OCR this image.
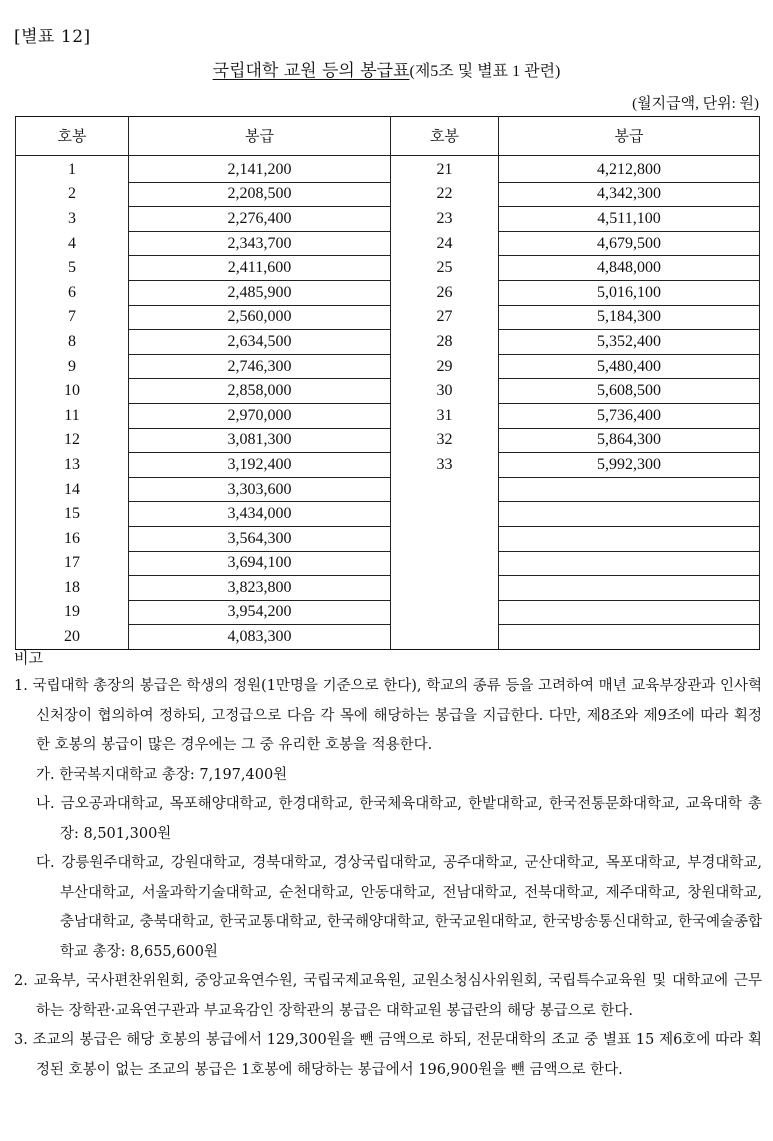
[별표 12]
국립대학 교원 등의 봉급표(제5조 및 별표 1 관련)
(월지급액, 단위: 원)
호봉	봉급	호봉	봉급
1	2,141,200	21	4,212,800
2	2,208,500	22	4,342,300
3	2,276,400	23	4,511,100
4	2,343,700	24	4,679,500
5	2,411,600	25	4,848,000
6	2,485,900	26	5,016,100
7	2,560,000	27	5,184,300
8	2,634,500	28	5,352,400
9	2,746,300	29	5,480,400
10	2,858,000	30	5,608,500
11	2,970,000	31	5,736,400
12	3,081,300	32	5,864,300
13	3,192,400	33	5,992,300
14	3,303,600		
15	3,434,000		
16	3,564,300		
17	3,694,100		
18	3,823,800		
19	3,954,200		
20	4,083,300		
비고
1. 국립대학 총장의 봉급은 학생의 정원(1만명을 기준으로 한다), 학교의 종류 등을 고려하여 매년 교육부장관과 인사혁신처장이 협의하여 정하되, 고정급으로 다음 각 목에 해당하는 봉급을 지급한다. 다만, 제8조와 제9조에 따라 획정한 호봉의 봉급이 많은 경우에는 그 중 유리한 호봉을 적용한다.
가. 한국복지대학교 총장: 7,197,400원
나. 금오공과대학교, 목포해양대학교, 한경대학교, 한국체육대학교, 한밭대학교, 한국전통문화대학교, 교육대학 총장: 8,501,300원
다. 강릉원주대학교, 강원대학교, 경북대학교, 경상국립대학교, 공주대학교, 군산대학교, 목포대학교, 부경대학교, 부산대학교, 서울과학기술대학교, 순천대학교, 안동대학교, 전남대학교, 전북대학교, 제주대학교, 창원대학교, 충남대학교, 충북대학교, 한국교통대학교, 한국해양대학교, 한국교원대학교, 한국방송통신대학교, 한국예술종합학교 총장: 8,655,600원
2. 교육부, 국사편찬위원회, 중앙교육연수원, 국립국제교육원, 교원소청심사위원회, 국립특수교육원 및 대학교에 근무하는 장학관·교육연구관과 부교육감인 장학관의 봉급은 대학교원 봉급란의 해당 봉급으로 한다.
3. 조교의 봉급은 해당 호봉의 봉급에서 129,300원을 뺀 금액으로 하되, 전문대학의 조교 중 별표 15 제6호에 따라 획정된 호봉이 없는 조교의 봉급은 1호봉에 해당하는 봉급에서 196,900원을 뺀 금액으로 한다.
